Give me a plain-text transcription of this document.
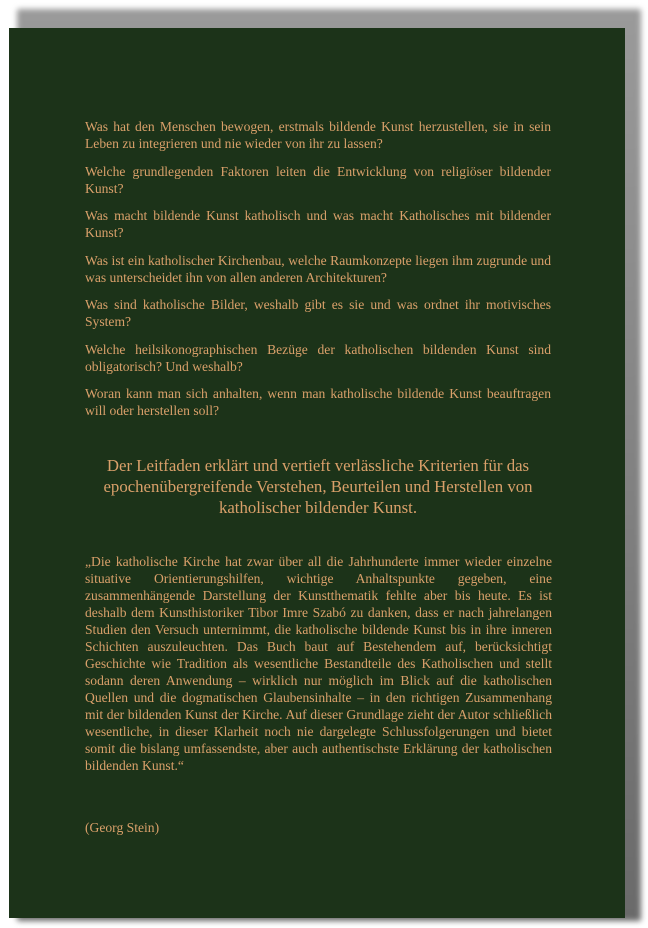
Was hat den Menschen bewogen, erstmals bildende Kunst herzustellen, sie in sein Leben zu integrieren und nie wieder von ihr zu lassen?
Welche grundlegenden Faktoren leiten die Entwicklung von religiöser bildender Kunst?
Was macht bildende Kunst katholisch und was macht Katholisches mit bildender Kunst?
Was ist ein katholischer Kirchenbau, welche Raumkonzepte liegen ihm zugrunde und was unterscheidet ihn von allen anderen Architekturen?
Was sind katholische Bilder, weshalb gibt es sie und was ordnet ihr motivisches System?
Welche heilsikonographischen Bezüge der katholischen bildenden Kunst sind obligatorisch? Und weshalb?
Woran kann man sich anhalten, wenn man katholische bildende Kunst beauftragen will oder herstellen soll?

Der Leitfaden erklärt und vertieft verlässliche Kriterien für das epochenübergreifende Verstehen, Beurteilen und Herstellen von katholischer bildender Kunst.

„Die katholische Kirche hat zwar über all die Jahrhunderte immer wieder einzelne situative Orientierungshilfen, wichtige Anhaltspunkte gegeben, eine zusammenhängende Darstellung der Kunstthematik fehlte aber bis heute. Es ist deshalb dem Kunsthistoriker Tibor Imre Szabó zu danken, dass er nach jahrelangen Studien den Versuch unternimmt, die katholische bildende Kunst bis in ihre inneren Schichten auszuleuchten. Das Buch baut auf Bestehendem auf, berücksichtigt Geschichte wie Tradition als wesentliche Bestandteile des Katholischen und stellt sodann deren Anwendung – wirklich nur möglich im Blick auf die katholischen Quellen und die dogmatischen Glaubensinhalte – in den richtigen Zusammenhang mit der bildenden Kunst der Kirche. Auf dieser Grundlage zieht der Autor schließlich wesentliche, in dieser Klarheit noch nie dargelegte Schlussfolgerungen und bietet somit die bislang umfassendste, aber auch authentischste Erklärung der katholischen bildenden Kunst.“

(Georg Stein)
